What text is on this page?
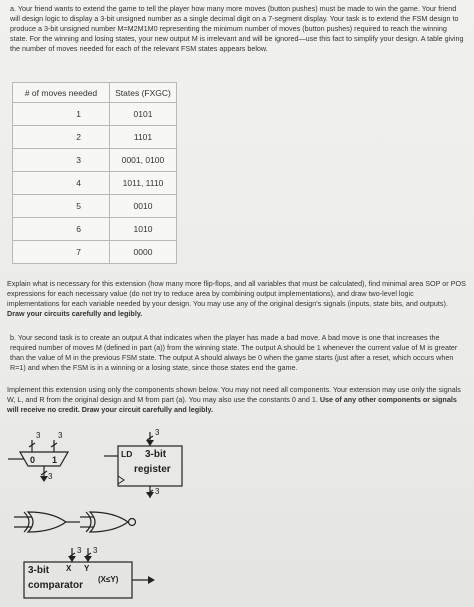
a. Your friend wants to extend the game to tell the player how many more moves (button pushes) must be made to win the game. Your friend will design logic to display a 3-bit unsigned number as a single decimal digit on a 7-segment display. Your task is to extend the FSM design to produce a 3-bit unsigned number M=M2M1M0 representing the minimum number of moves (button pushes) required to reach the winning state. For the winning and losing states, your new output M is irrelevant and will be ignored—use this fact to simplify your design. A table giving the number of moves needed for each of the relevant FSM states appears below.

# of moves needed	States (FXGC)
1	0101
2	1101
3	0001, 0100
4	1011, 1110
5	0010
6	1010
7	0000

Explain what is necessary for this extension (how many more flip-flops, and all variables that must be calculated), find minimal area SOP or POS expressions for each necessary value (do not try to reduce area by combining output implementations), and draw two-level logic implementations for each variable needed by your design. You may use any of the original design's signals (inputs, state bits, and outputs). Draw your circuits carefully and legibly.

b. Your second task is to create an output A that indicates when the player has made a bad move. A bad move is one that increases the required number of moves M (defined in part (a)) from the winning state. The output A should be 1 whenever the current value of M is greater than the value of M in the previous FSM state. The output A should always be 0 when the game starts (just after a reset, which occurs when R=1) and when the FSM is in a winning or a losing state, since those states end the game.

Implement this extension using only the components shown below. You may not need all components. Your extension may use only the signals W, L, and R from the original design and M from part (a). You may also use the constants 0 and 1. Use of any other components or signals will receive no credit. Draw your circuit carefully and legibly.

3 3
0 1
3
3
LD 3-bit
register
3
3 3
3-bit X Y
comparator
(X≤Y)
